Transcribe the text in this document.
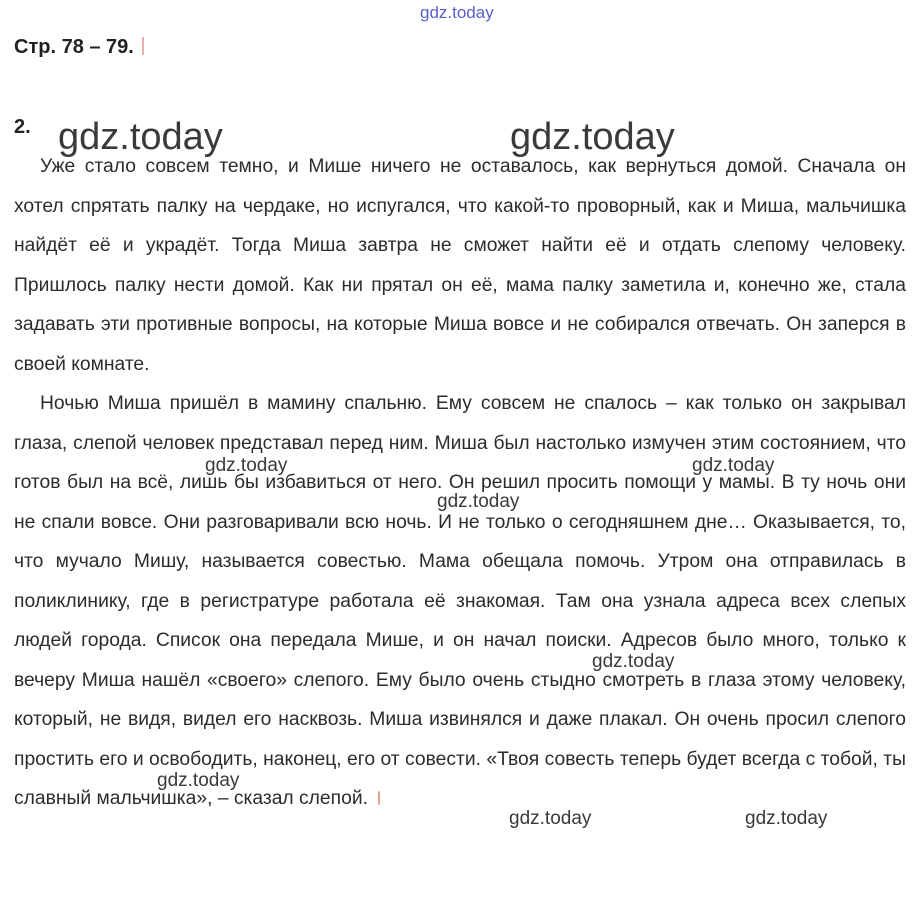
gdz.today
Стр. 78 – 79.
2.

Уже стало совсем темно, и Мише ничего не оставалось, как вернуться домой. Сначала он хотел спрятать палку на чердаке, но испугался, что какой-то проворный, как и Миша, мальчишка найдёт её и украдёт. Тогда Миша завтра не сможет найти её и отдать слепому человеку. Пришлось палку нести домой. Как ни прятал он её, мама палку заметила и, конечно же, стала задавать эти противные вопросы, на которые Миша вовсе и не собирался отвечать. Он заперся в своей комнате.

Ночью Миша пришёл в мамину спальню. Ему совсем не спалось – как только он закрывал глаза, слепой человек представал перед ним. Миша был настолько измучен этим состоянием, что готов был на всё, лишь бы избавиться от него. Он решил просить помощи у мамы. В ту ночь они не спали вовсе. Они разговаривали всю ночь. И не только о сегодняшнем дне… Оказывается, то, что мучало Мишу, называется совестью. Мама обещала помочь. Утром она отправилась в поликлинику, где в регистратуре работала её знакомая. Там она узнала адреса всех слепых людей города. Список она передала Мише, и он начал поиски. Адресов было много, только к вечеру Миша нашёл «своего» слепого. Ему было очень стыдно смотреть в глаза этому человеку, который, не видя, видел его насквозь. Миша извинялся и даже плакал. Он очень просил слепого простить его и освободить, наконец, его от совести. «Твоя совесть теперь будет всегда с тобой, ты славный мальчишка», – сказал слепой.

gdz.today	gdz.today
gdz.today	gdz.today
gdz.today
gdz.today
gdz.today
gdz.today	gdz.today
